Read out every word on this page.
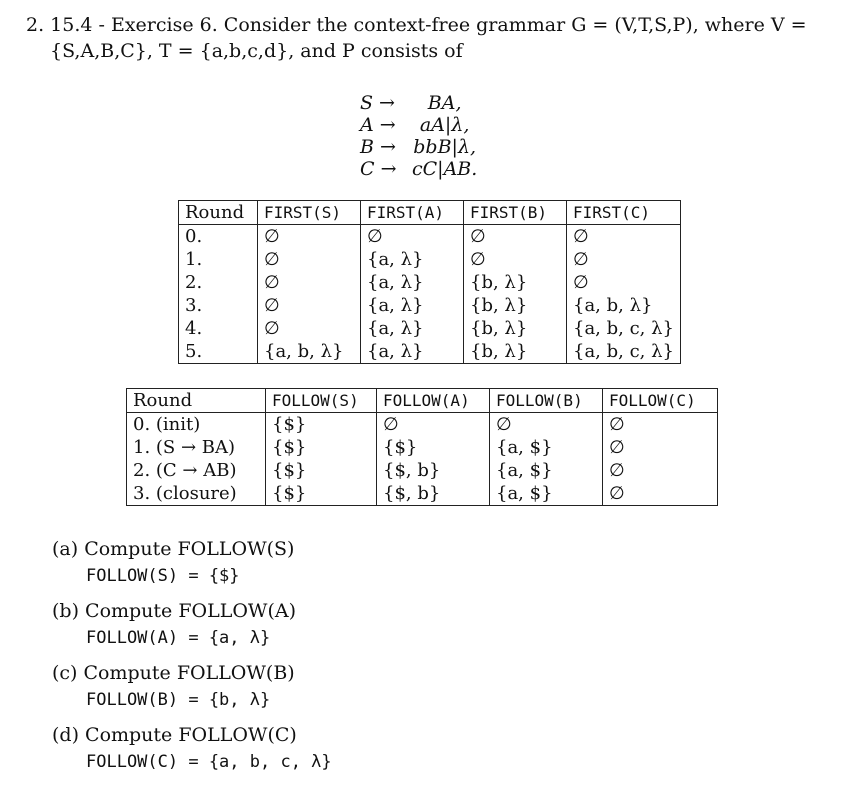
2. 15.4 - Exercise 6. Consider the context-free grammar G = (V,T,S,P), where V =
{S,A,B,C}, T = {a,b,c,d}, and P consists of
S →	BA,
A →	aA|λ,
B →	bbB|λ,
C →	cC|AB.
Round	FIRST(S)	FIRST(A)	FIRST(B)	FIRST(C)
0.	∅	∅	∅	∅
1.	∅	{a, λ}	∅	∅
2.	∅	{a, λ}	{b, λ}	∅
3.	∅	{a, λ}	{b, λ}	{a, b, λ}
4.	∅	{a, λ}	{b, λ}	{a, b, c, λ}
5.	{a, b, λ}	{a, λ}	{b, λ}	{a, b, c, λ}
Round	FOLLOW(S)	FOLLOW(A)	FOLLOW(B)	FOLLOW(C)
0. (init)	{$}	∅	∅	∅
1. (S → BA)	{$}	{$}	{a, $}	∅
2. (C → AB)	{$}	{$, b}	{a, $}	∅
3. (closure)	{$}	{$, b}	{a, $}	∅
(a) Compute FOLLOW(S)
FOLLOW(S) = {$}
(b) Compute FOLLOW(A)
FOLLOW(A) = {a, λ}
(c) Compute FOLLOW(B)
FOLLOW(B) = {b, λ}
(d) Compute FOLLOW(C)
FOLLOW(C) = {a, b, c, λ}
